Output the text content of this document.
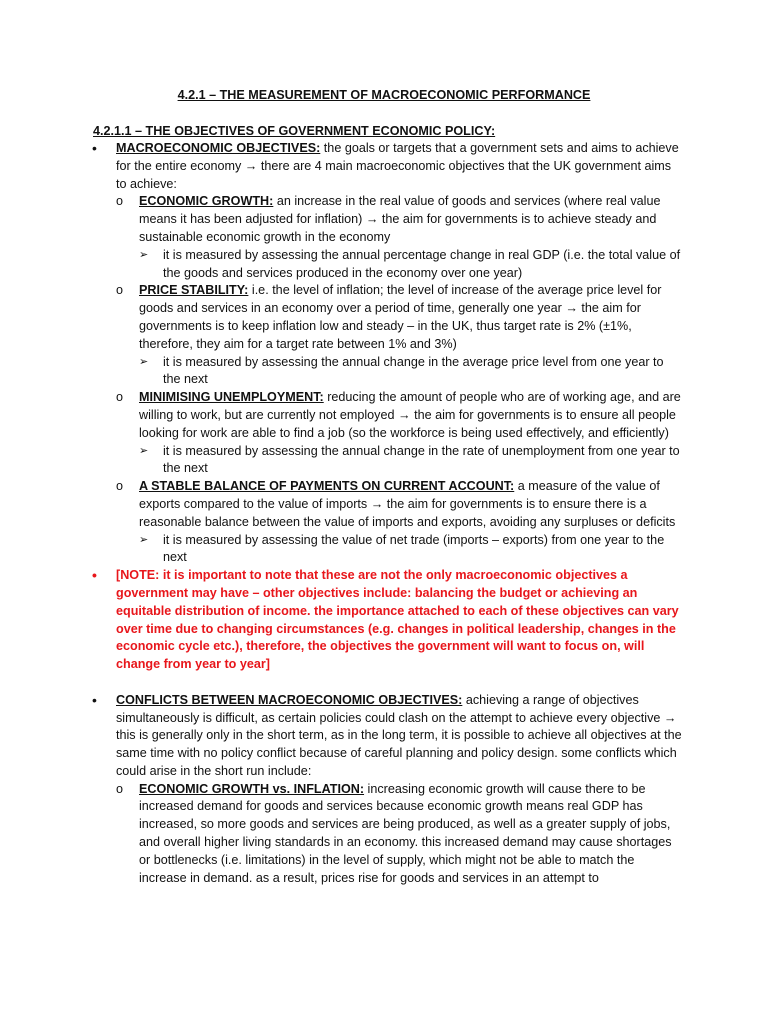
4.2.1 – THE MEASUREMENT OF MACROECONOMIC PERFORMANCE
4.2.1.1 – THE OBJECTIVES OF GOVERNMENT ECONOMIC POLICY:
• MACROECONOMIC OBJECTIVES: the goals or targets that a government sets and aims to achieve for the entire economy → there are 4 main macroeconomic objectives that the UK government aims to achieve:
o ECONOMIC GROWTH: an increase in the real value of goods and services (where real value means it has been adjusted for inflation) → the aim for governments is to achieve steady and sustainable economic growth in the economy
➢ it is measured by assessing the annual percentage change in real GDP (i.e. the total value of the goods and services produced in the economy over one year)
o PRICE STABILITY: i.e. the level of inflation; the level of increase of the average price level for goods and services in an economy over a period of time, generally one year → the aim for governments is to keep inflation low and steady – in the UK, thus target rate is 2% (±1%, therefore, they aim for a target rate between 1% and 3%)
➢ it is measured by assessing the annual change in the average price level from one year to the next
o MINIMISING UNEMPLOYMENT: reducing the amount of people who are of working age, and are willing to work, but are currently not employed → the aim for governments is to ensure all people looking for work are able to find a job (so the workforce is being used effectively, and efficiently)
➢ it is measured by assessing the annual change in the rate of unemployment from one year to the next
o A STABLE BALANCE OF PAYMENTS ON CURRENT ACCOUNT: a measure of the value of exports compared to the value of imports → the aim for governments is to ensure there is a reasonable balance between the value of imports and exports, avoiding any surpluses or deficits
➢ it is measured by assessing the value of net trade (imports – exports) from one year to the next
• [NOTE: it is important to note that these are not the only macroeconomic objectives a government may have – other objectives include: balancing the budget or achieving an equitable distribution of income. the importance attached to each of these objectives can vary over time due to changing circumstances (e.g. changes in political leadership, changes in the economic cycle etc.), therefore, the objectives the government will want to focus on, will change from year to year]
• CONFLICTS BETWEEN MACROECONOMIC OBJECTIVES: achieving a range of objectives simultaneously is difficult, as certain policies could clash on the attempt to achieve every objective → this is generally only in the short term, as in the long term, it is possible to achieve all objectives at the same time with no policy conflict because of careful planning and policy design. some conflicts which could arise in the short run include:
o ECONOMIC GROWTH vs. INFLATION: increasing economic growth will cause there to be increased demand for goods and services because economic growth means real GDP has increased, so more goods and services are being produced, as well as a greater supply of jobs, and overall higher living standards in an economy. this increased demand may cause shortages or bottlenecks (i.e. limitations) in the level of supply, which might not be able to match the increase in demand. as a result, prices rise for goods and services in an attempt to
